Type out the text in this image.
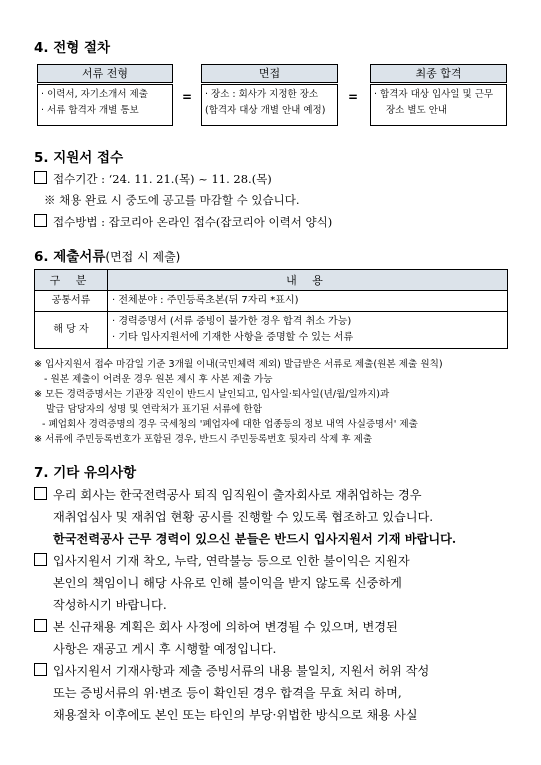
4. 전형 절차
서류 전형
· 이력서, 자기소개서 제출
· 서류 합격자 개별 통보
=
면접
· 장소 : 회사가 지정한 장소
(합격자 대상 개별 안내 예정)
=
최종 합격
· 합격자 대상 입사일 및 근무
장소 별도 안내
5. 지원서 접수
접수기간 : ‘24. 11. 21.(목) ~ 11. 28.(목)
※ 채용 완료 시 중도에 공고를 마감할 수 있습니다.
접수방법 : 잡코리아 온라인 접수(잡코리아 이력서 양식)
6. 제출서류(면접 시 제출)
구 분	내 용
공통서류	· 전체분야 : 주민등록초본(뒤 7자리 *표시)
해 당 자	· 경력증명서 (서류 증빙이 불가한 경우 합격 취소 가능)
· 기타 입사지원서에 기재한 사항을 증명할 수 있는 서류
※ 입사지원서 접수 마감일 기준 3개월 이내(국민체력 제외) 발급받은 서류로 제출(원본 제출 원칙)
- 원본 제출이 어려운 경우 원본 제시 후 사본 제출 가능
※ 모든 경력증명서는 기관장 직인이 반드시 날인되고, 입사일·퇴사일(년/월/일까지)과
발급 담당자의 성명 및 연락처가 표기된 서류에 한함
- 폐업회사 경력증명의 경우 국세청의 '폐업자에 대한 업종등의 정보 내역 사실증명서' 제출
※ 서류에 주민등록번호가 포함된 경우, 반드시 주민등록번호 뒷자리 삭제 후 제출
7. 기타 유의사항
우리 회사는 한국전력공사 퇴직 임직원이 출자회사로 재취업하는 경우
재취업심사 및 재취업 현황 공시를 진행할 수 있도록 협조하고 있습니다.
한국전력공사 근무 경력이 있으신 분들은 반드시 입사지원서 기재 바랍니다.
입사지원서 기재 착오, 누락, 연락불능 등으로 인한 불이익은 지원자
본인의 책임이니 해당 사유로 인해 불이익을 받지 않도록 신중하게
작성하시기 바랍니다.
본 신규채용 계획은 회사 사정에 의하여 변경될 수 있으며, 변경된
사항은 재공고 게시 후 시행할 예정입니다.
입사지원서 기재사항과 제출 증빙서류의 내용 불일치, 지원서 허위 작성
또는 증빙서류의 위·변조 등이 확인된 경우 합격을 무효 처리 하며,
채용절차 이후에도 본인 또는 타인의 부당·위법한 방식으로 채용 사실
